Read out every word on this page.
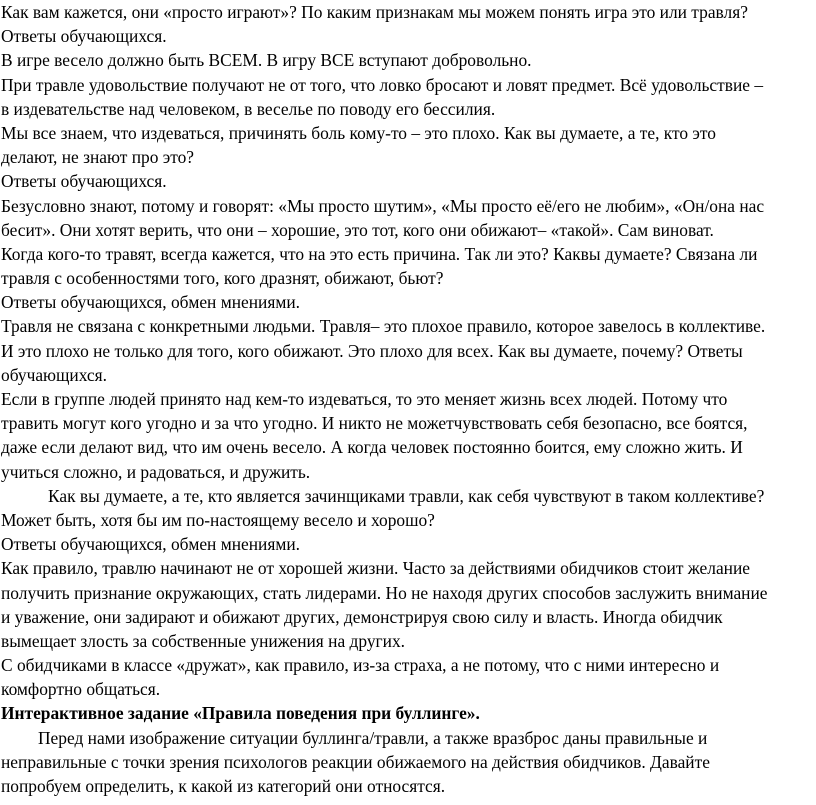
Как вам кажется, они «просто играют»? По каким признакам мы можем понять игра это или травля?
Ответы обучающихся.
В игре весело должно быть ВСЕМ. В игру ВСЕ вступают добровольно.
При травле удовольствие получают не от того, что ловко бросают и ловят предмет. Всё удовольствие –
в издевательстве над человеком, в веселье по поводу его бессилия.
Мы все знаем, что издеваться, причинять боль кому-то – это плохо. Как вы думаете, а те, кто это
делают, не знают про это?
Ответы обучающихся.
Безусловно знают, потому и говорят: «Мы просто шутим», «Мы просто её/его не любим», «Он/она нас
бесит». Они хотят верить, что они – хорошие, это тот, кого они обижают– «такой». Сам виноват.
Когда кого-то травят, всегда кажется, что на это есть причина. Так ли это? Каквы думаете? Связана ли
травля с особенностями того, кого дразнят, обижают, бьют?
Ответы обучающихся, обмен мнениями.
Травля не связана с конкретными людьми. Травля– это плохое правило, которое завелось в коллективе.
И это плохо не только для того, кого обижают. Это плохо для всех. Как вы думаете, почему? Ответы
обучающихся.
Если в группе людей принято над кем-то издеваться, то это меняет жизнь всех людей. Потому что
травить могут кого угодно и за что угодно. И никто не можетчувствовать себя безопасно, все боятся,
даже если делают вид, что им очень весело. А когда человек постоянно боится, ему сложно жить. И
учиться сложно, и радоваться, и дружить.
Как вы думаете, а те, кто является зачинщиками травли, как себя чувствуют в таком коллективе?
Может быть, хотя бы им по-настоящему весело и хорошо?
Ответы обучающихся, обмен мнениями.
Как правило, травлю начинают не от хорошей жизни. Часто за действиями обидчиков стоит желание
получить признание окружающих, стать лидерами. Но не находя других способов заслужить внимание
и уважение, они задирают и обижают других, демонстрируя свою силу и власть. Иногда обидчик
вымещает злость за собственные унижения на других.
С обидчиками в классе «дружат», как правило, из-за страха, а не потому, что с ними интересно и
комфортно общаться.
Интерактивное задание «Правила поведения при буллинге».
Перед нами изображение ситуации буллинга/травли, а также вразброс даны правильные и
неправильные с точки зрения психологов реакции обижаемого на действия обидчиков. Давайте
попробуем определить, к какой из категорий они относятся.
